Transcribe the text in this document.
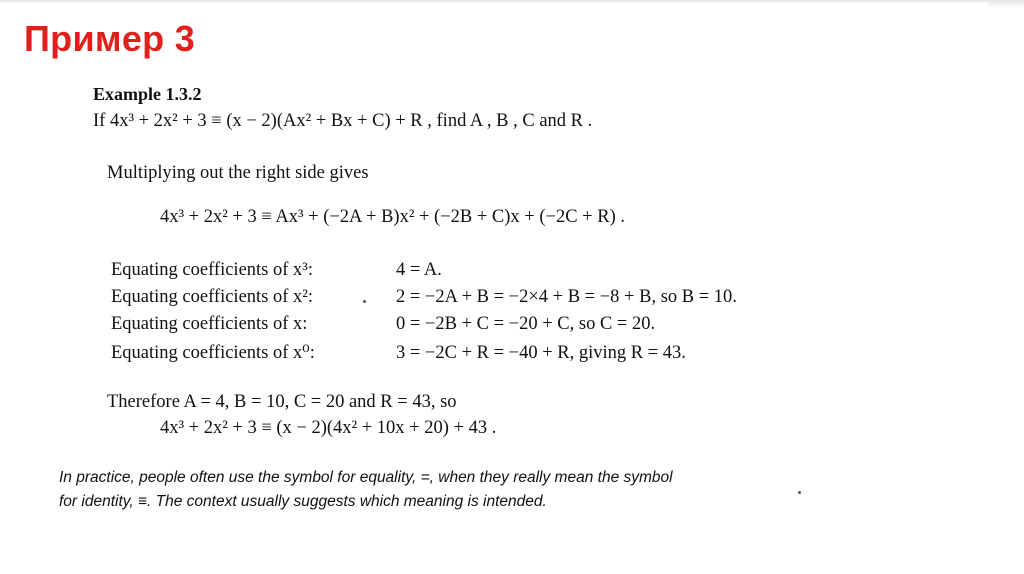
Пример 3
Example 1.3.2
If 4x³ + 2x² + 3 ≡ (x − 2)(Ax² + Bx + C) + R , find A , B , C and R .
Multiplying out the right side gives
4x³ + 2x² + 3 ≡ Ax³ + (−2A + B)x² + (−2B + C)x + (−2C + R) .
Equating coefficients of x³:	4 = A.
Equating coefficients of x²:	2 = −2A + B = −2×4 + B = −8 + B, so B = 10.
Equating coefficients of x:	0 = −2B + C = −20 + C, so C = 20.
Equating coefficients of x⁰:	3 = −2C + R = −40 + R, giving R = 43.
Therefore A = 4, B = 10, C = 20 and R = 43, so
4x³ + 2x² + 3 ≡ (x − 2)(4x² + 10x + 20) + 43 .

In practice, people often use the symbol for equality, =, when they really mean the symbol

for identity, ≡. The context usually suggests which meaning is intended.
